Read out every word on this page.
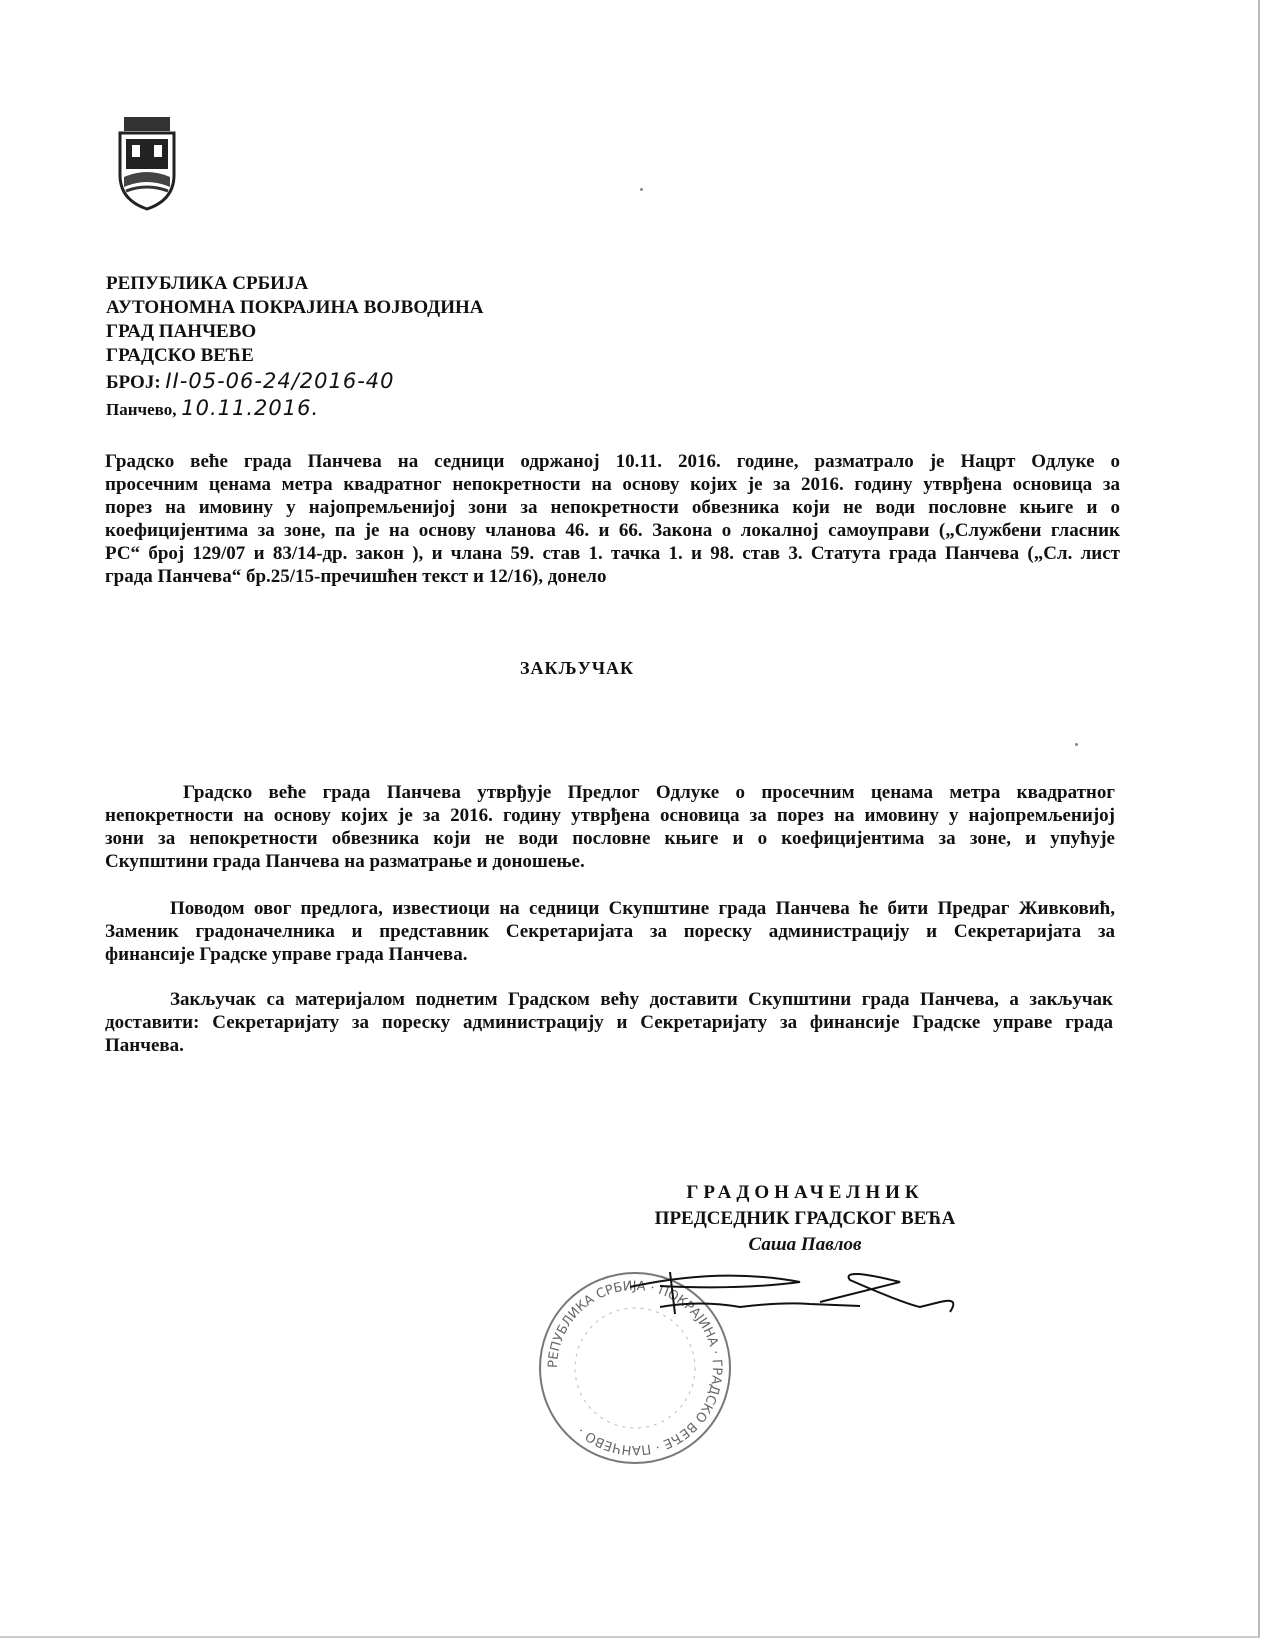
РЕПУБЛИКА СРБИЈА
АУТОНОМНА ПОКРАЈИНА ВОЈВОДИНА
ГРАД ПАНЧЕВО
ГРАДСКО ВЕЋЕ
БРОЈ: II-05-06-24/2016-40
Панчево, 10.11.2016.
Градско веће града Панчева на седници одржаној 10.11. 2016. године, разматрало је Нацрт Одлуке о
просечним ценама метра квадратног непокретности на основу којих је за 2016. годину утврђена основица за
порез на имовину у најопремљенијој зони за непокретности обвезника који не води пословне књиге и о
коефицијентима за зоне, па је на основу чланова 46. и 66. Закона о локалној самоуправи („Службени гласник
РС“ број 129/07 и 83/14-др. закон ), и члана 59. став 1. тачка 1. и 98. став 3. Статута града Панчева („Сл. лист
града Панчева“ бр.25/15-пречишћен текст и 12/16), донело
ЗАКЉУЧАК
Градско веће града Панчева утврђује Предлог Одлуке о просечним ценама метра квадратног
непокретности на основу којих је за 2016. годину утврђена основица за порез на имовину у најопремљенијој
зони за непокретности обвезника који не води пословне књиге и о коефицијентима за зоне, и упућује
Скупштини града Панчева на разматрање и доношење.
Поводом овог предлога, известиоци на седници Скупштине града Панчева ће бити Предраг Живковић,
Заменик градоначелника и представник Секретаријата за пореску администрацију и Секретаријата за
финансије Градске управе града Панчева.
Закључак са материјалом поднетим Градском већу доставити Скупштини града Панчева, а закључак
доставити: Секретаријату за пореску администрацију и Секретаријату за финансије Градске управе града
Панчева.
РЕПУБЛИКА СРБИЈА · ПОКРАЈИНА · ГРАДСКО ВЕЋЕ · ПАНЧЕВО ·
ГРАДОНАЧЕЛНИК
ПРЕДСЕДНИК ГРАДСКОГ ВЕЋА
Саша Павлов
